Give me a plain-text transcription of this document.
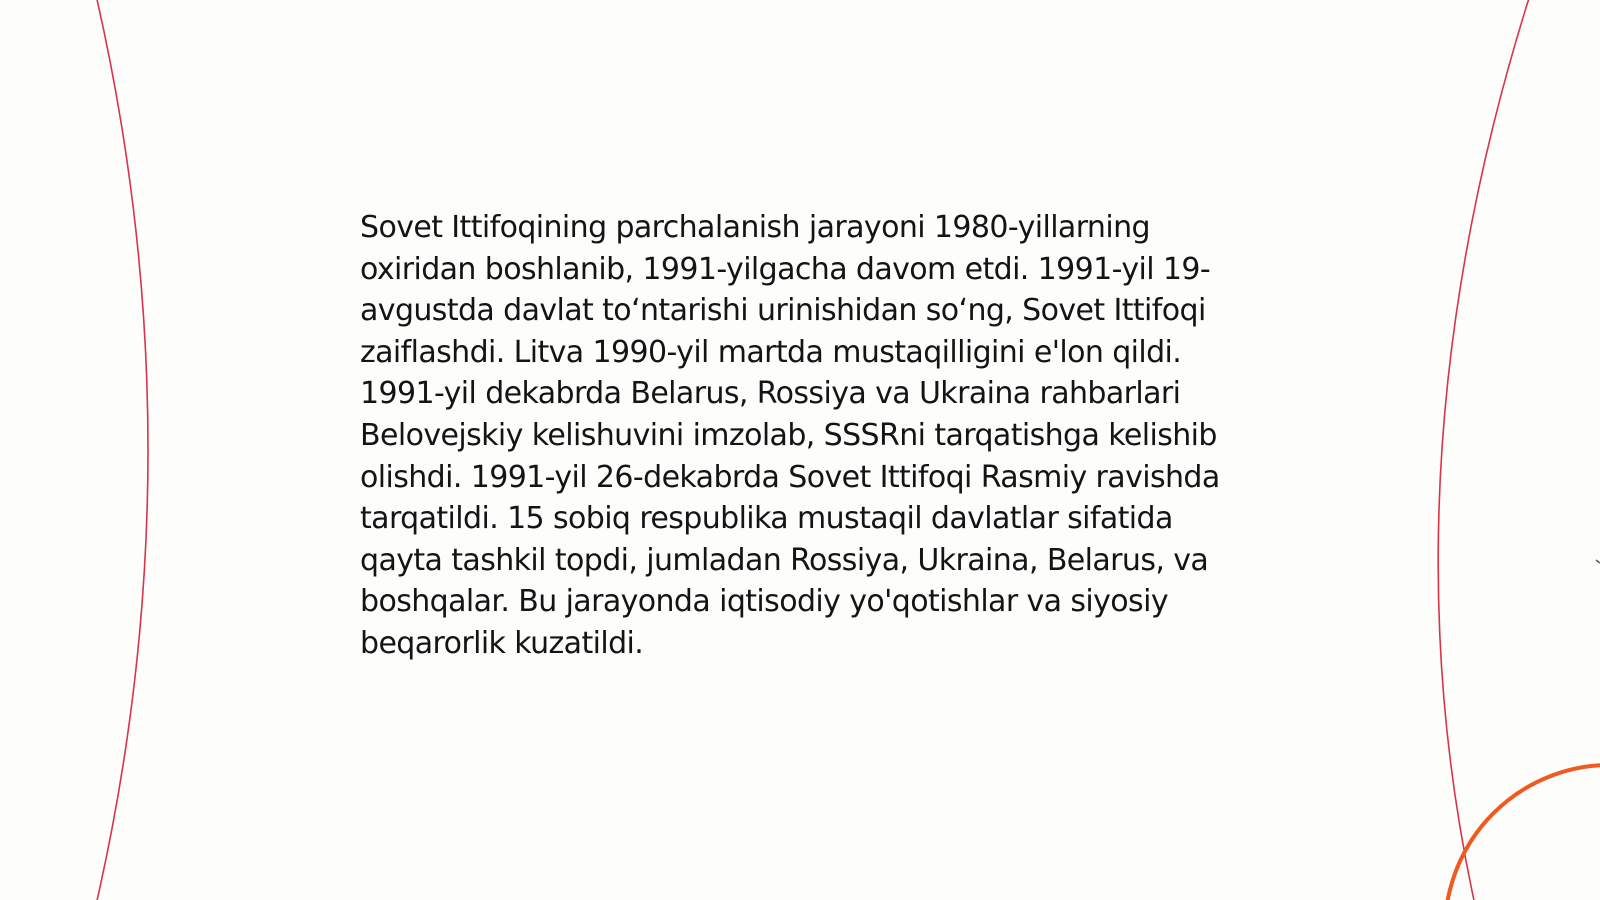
Sovet Ittifoqining parchalanish jarayoni 1980-yillarning oxiridan boshlanib, 1991-yilgacha davom etdi. 1991-yil 19-avgustda davlat to‘ntarishi urinishidan so‘ng, Sovet Ittifoqi zaiflashdi. Litva 1990-yil martda mustaqilligini e'lon qildi. 1991-yil dekabrda Belarus, Rossiya va Ukraina rahbarlari Belovejskiy kelishuvini imzolab, SSSRni tarqatishga kelishib olishdi. 1991-yil 26-dekabrda Sovet Ittifoqi Rasmiy ravishda tarqatildi. 15 sobiq respublika mustaqil davlatlar sifatida qayta tashkil topdi, jumladan Rossiya, Ukraina, Belarus, va boshqalar. Bu jarayonda iqtisodiy yo'qotishlar va siyosiy beqarorlik kuzatildi.
